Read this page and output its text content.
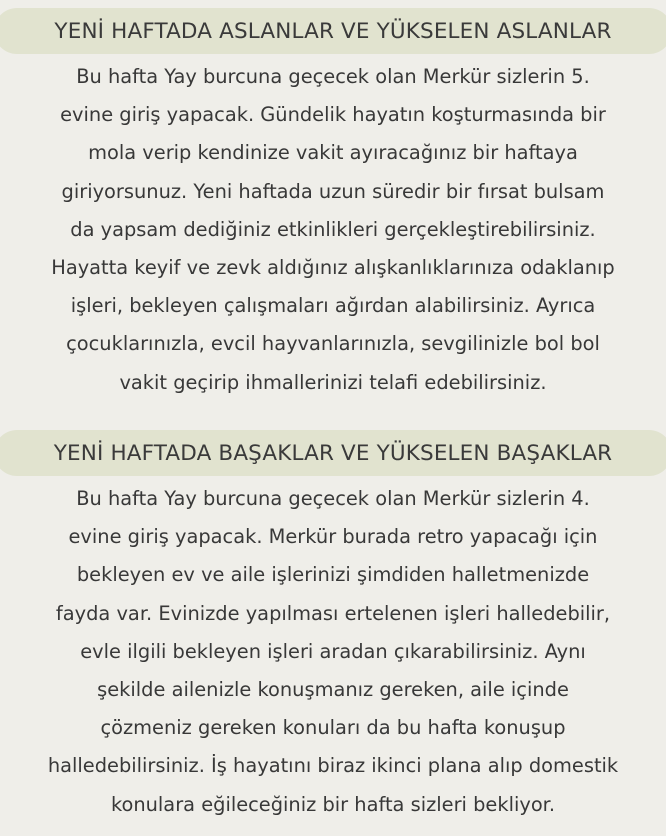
YENİ HAFTADA ASLANLAR VE YÜKSELEN ASLANLAR
Bu hafta Yay burcuna geçecek olan Merkür sizlerin 5.
evine giriş yapacak. Gündelik hayatın koşturmasında bir
mola verip kendinize vakit ayıracağınız bir haftaya
giriyorsunuz. Yeni haftada uzun süredir bir fırsat bulsam
da yapsam dediğiniz etkinlikleri gerçekleştirebilirsiniz.
Hayatta keyif ve zevk aldığınız alışkanlıklarınıza odaklanıp
işleri, bekleyen çalışmaları ağırdan alabilirsiniz. Ayrıca
çocuklarınızla, evcil hayvanlarınızla, sevgilinizle bol bol
vakit geçirip ihmallerinizi telafi edebilirsiniz.
YENİ HAFTADA BAŞAKLAR VE YÜKSELEN BAŞAKLAR
Bu hafta Yay burcuna geçecek olan Merkür sizlerin 4.
evine giriş yapacak. Merkür burada retro yapacağı için
bekleyen ev ve aile işlerinizi şimdiden halletmenizde
fayda var. Evinizde yapılması ertelenen işleri halledebilir,
evle ilgili bekleyen işleri aradan çıkarabilirsiniz. Aynı
şekilde ailenizle konuşmanız gereken, aile içinde
çözmeniz gereken konuları da bu hafta konuşup
halledebilirsiniz. İş hayatını biraz ikinci plana alıp domestik
konulara eğileceğiniz bir hafta sizleri bekliyor.
